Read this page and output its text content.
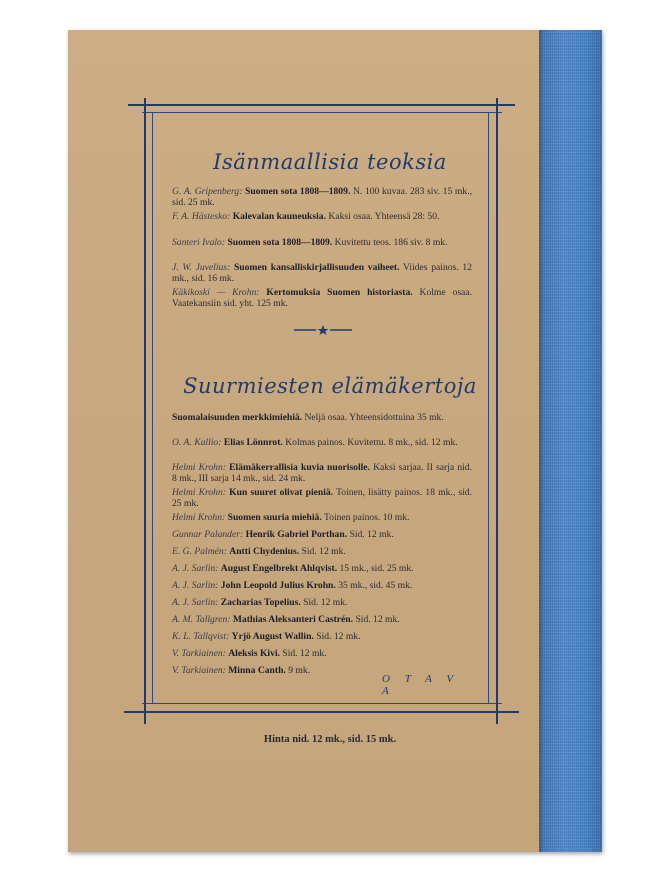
Isänmaallisia teoksia
G. A. Gripenberg: Suomen sota 1808—1809. N. 100 kuvaa. 283 siv. 15 mk., sid. 25 mk.
F. A. Hästesko: Kalevalan kauneuksia. Kaksi osaa. Yhteensä 28: 50.
Santeri Ivalo: Suomen sota 1808—1809. Kuvitettu teos. 186 siv. 8 mk.
J. W. Juvelius: Suomen kansalliskirjallisuuden vaiheet. Viides painos. 12 mk., sid. 16 mk.
Käkikoski — Krohn: Kertomuksia Suomen historiasta. Kolme osaa. Vaatekansiin sid. yht. 125 mk.
Suurmiesten elämäkertoja
Suomalaisuuden merkkimiehiä. Neljä osaa. Yhteensidottuina 35 mk.
O. A. Kallio: Elias Lönnrot. Kolmas painos. Kuvitettu. 8 mk., sid. 12 mk.
Helmi Krohn: Elämäkerrallisia kuvia nuorisolle. Kaksi sarjaa. II sarja nid. 8 mk., III sarja 14 mk., sid. 24 mk.
Helmi Krohn: Kun suuret olivat pieniä. Toinen, lisätty painos. 18 mk., sid. 25 mk.
Helmi Krohn: Suomen suuria miehiä. Toinen painos. 10 mk.
Gunnar Palander: Henrik Gabriel Porthan. Sid. 12 mk.
E. G. Palmén: Antti Chydenius. Sid. 12 mk.
A. J. Sarlin: August Engelbrekt Ahlqvist. 15 mk., sid. 25 mk.
A. J. Sarlin: John Leopold Julius Krohn. 35 mk., sid. 45 mk.
A. J. Sarlin: Zacharias Topelius. Sid. 12 mk.
A. M. Tallgren: Mathias Aleksanteri Castrén. Sid. 12 mk.
K. L. Tallqvist: Yrjö August Wallin. Sid. 12 mk.
V. Tarkiainen: Aleksis Kivi. Sid. 12 mk.
V. Tarkiainen: Minna Canth. 9 mk.
O T A V A
Hinta nid. 12 mk., sid. 15 mk.
